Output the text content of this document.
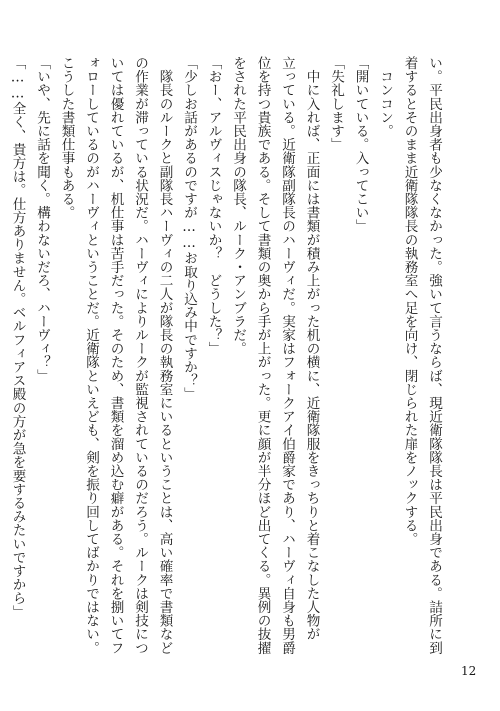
い。平民出身者も少なくなかった。強いて言うならば、現近衛隊隊長は平民出身である。詰所に到
着するとそのまま近衛隊隊長の執務室へ足を向け、閉じられた扉をノックする。
　コンコン。
「開いている。入ってこい」
「失礼します」
　中に入れば、正面には書類が積み上がった机の横に、近衛隊服をきっちりと着こなした人物が
立っている。近衛隊副隊長のハーヴィだ。実家はフォークアイ伯爵家であり、ハーヴィ自身も男爵
位を持つ貴族である。そして書類の奥から手が上がった。更に顔が半分ほど出てくる。異例の抜擢
をされた平民出身の隊長、ルーク・アンブラだ。
「おー、アルヴィスじゃないか？　どうした？」
「少しお話があるのですが……お取り込み中ですか？」
　隊長のルークと副隊長ハーヴィの二人が隊長の執務室にいるということは、高い確率で書類など
の作業が滞っている状況だ。ハーヴィによりルークが監視されているのだろう。ルークは剣技につ
いては優れているが、机仕事は苦手だった。そのため、書類を溜め込む癖がある。それを捌いてフ
ォローしているのがハーヴィということだ。近衛隊といえども、剣を振り回してばかりではない。
こうした書類仕事もある。
「いや、先に話を聞く。構わないだろ、ハーヴィ？」
「……全く、貴方は。仕方ありません。ベルフィアス殿の方が急を要するみたいですから」
12
